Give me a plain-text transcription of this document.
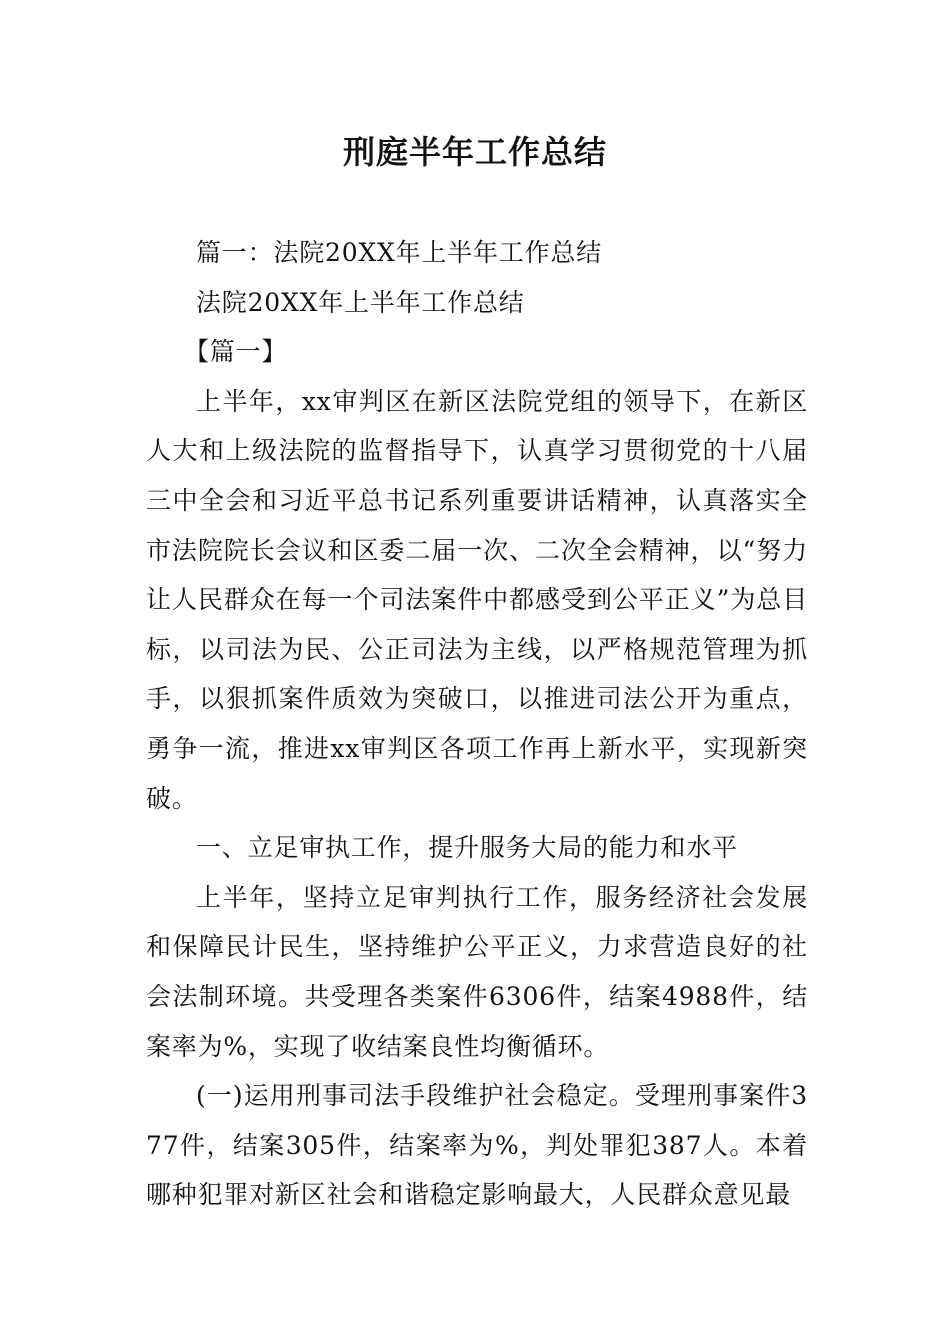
刑庭半年工作总结

篇一：法院20XX年上半年工作总结

法院20XX年上半年工作总结

【篇一】

上半年，xx审判区在新区法院党组的领导下，在新区人大和上级法院的监督指导下，认真学习贯彻党的十八届三中全会和习近平总书记系列重要讲话精神，认真落实全市法院院长会议和区委二届一次、二次全会精神，以“努力让人民群众在每一个司法案件中都感受到公平正义”为总目标，以司法为民、公正司法为主线，以严格规范管理为抓手，以狠抓案件质效为突破口，以推进司法公开为重点，勇争一流，推进xx审判区各项工作再上新水平，实现新突破。

一、立足审执工作，提升服务大局的能力和水平

上半年，坚持立足审判执行工作，服务经济社会发展和保障民计民生，坚持维护公平正义，力求营造良好的社会法制环境。共受理各类案件6306件，结案4988件，结案率为%，实现了收结案良性均衡循环。

(一)运用刑事司法手段维护社会稳定。受理刑事案件377件，结案305件，结案率为%，判处罪犯387人。本着哪种犯罪对新区社会和谐稳定影响最大，人民群众意见最
